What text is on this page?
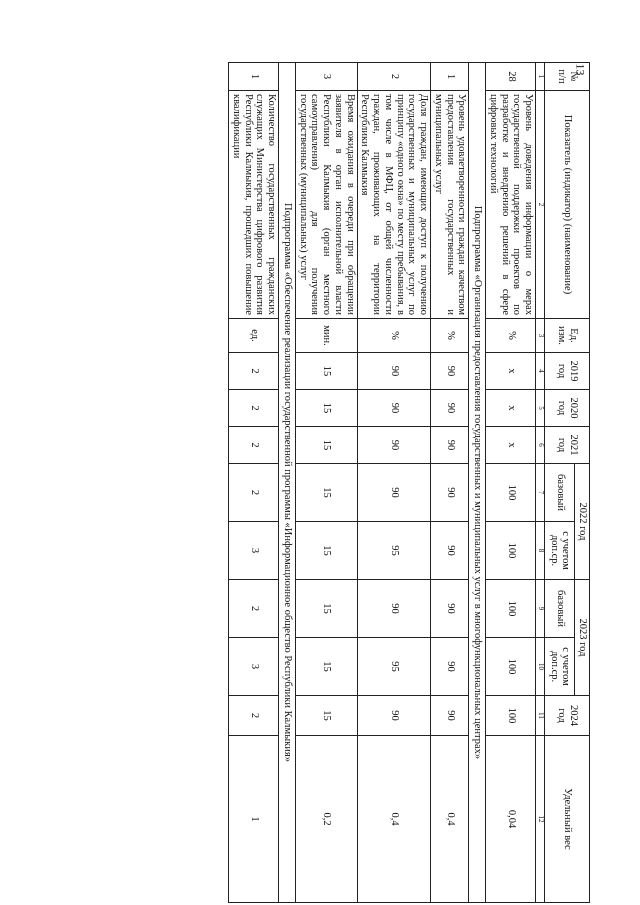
13
№ п/п	Показатель (индикатор) (наименование)	Ед. изм.	2019 год	2020 год	2021 год	2022 год		2023 год		2024 год	Удельный вес
						базовый	с учетом доп.ср.	базовый	с учетом доп.ср.		
1	2	3	4	5	6	7	8	9	10	11	12
28	Уровень доведения информации о мерах государственной поддержки проектов по разработке и внедрению решений в сфере цифровых технологий	%	x	x	x	100	100	100	100	100	0,04
Подпрограмма «Организация предоставления государственных и муниципальных услуг в многофункциональных центрах»											
1	Уровень удовлетворенности граждан качеством предоставления государственных и муниципальных услуг	%	90	90	90	90	90	90	90	90	0,4
2	Доля граждан, имеющих доступ к получению государственных и муниципальных услуг по принципу «одного окна» по месту пребывания, в том числе в МФЦ, от общей численности граждан, проживающих на территории Республики Калмыкия	%	90	90	90	90	95	90	95	90	0,4
3	Время ожидания в очереди при обращении заявителя в орган исполнительной власти Республики Калмыкия (орган местного самоуправления) для получения государственных (муниципальных) услуг	мин.	15	15	15	15	15	15	15	15	0,2
Подпрограмма «Обеспечение реализации государственной программы «Информационное общество Республики Калмыкия»											
1	Количество государственных гражданских служащих Министерства цифрового развития Республики Калмыкия, прошедших повышение квалификации	ед.	2	2	2	2	3	2	3	2	1
